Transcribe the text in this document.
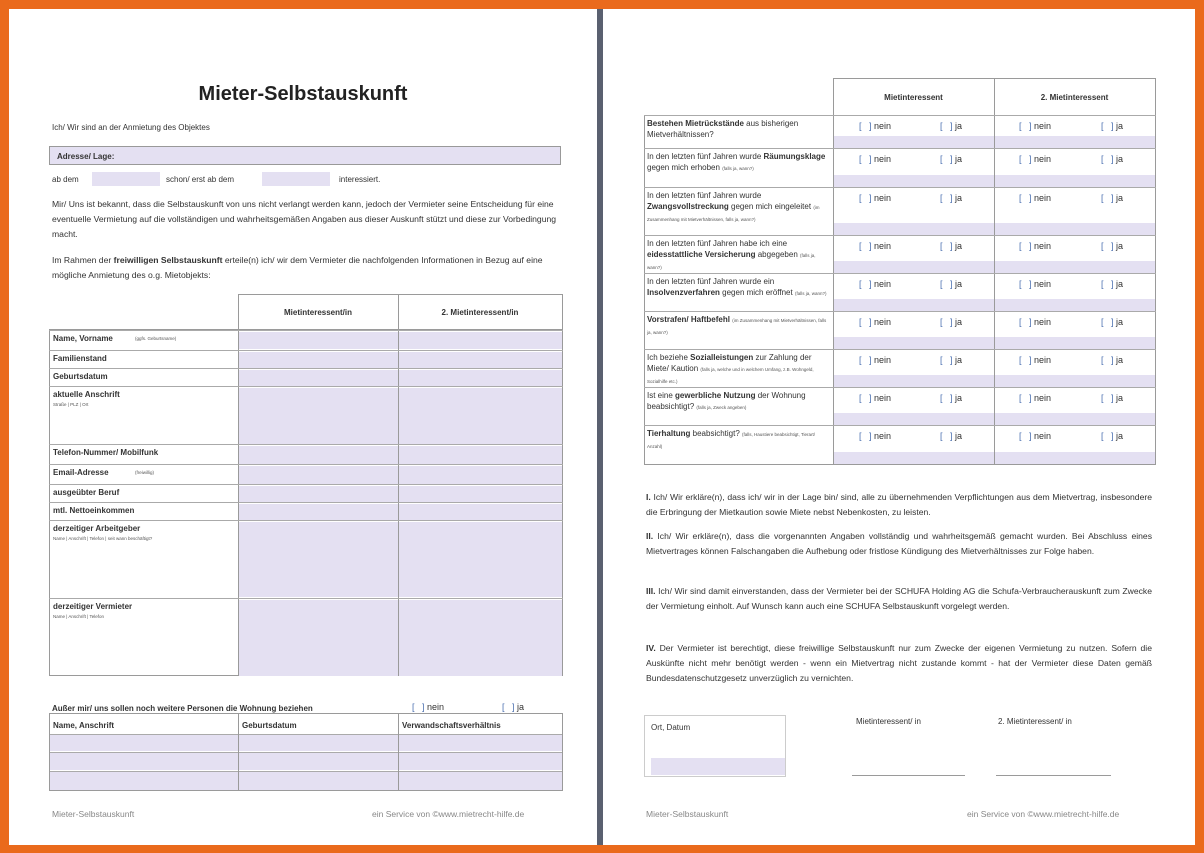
Mieter-Selbstauskunft
Ich/ Wir sind an der Anmietung des Objektes
Adresse/ Lage:
ab dem	schon/ erst ab dem	interessiert.
Mir/ Uns ist bekannt, dass die Selbstauskunft von uns nicht verlangt werden kann, jedoch der Vermieter seine Entscheidung für eine eventuelle Vermietung auf die vollständigen und wahrheitsgemäßen Angaben aus dieser Auskunft stützt und diese zur Vorbedingung macht.
Im Rahmen der freiwilligen Selbstauskunft erteile(n) ich/ wir dem Vermieter die nachfolgenden Informationen in Bezug auf eine mögliche Anmietung des o.g. Mietobjekts:
Mietinteressent/in	2. Mietinteressent/in
Name, Vorname	(ggfs. Geburtsname)
Familienstand
Geburtsdatum
aktuelle Anschrift
Straße | PLZ | Ort
Telefon-Nummer/ Mobilfunk
Email-Adresse	(freiwillig)
ausgeübter Beruf
mtl. Nettoeinkommen
derzeitiger Arbeitgeber
Name | Anschrift | Telefon | seit wann beschäftigt?
derzeitiger Vermieter
Name | Anschrift | Telefon
Außer mir/ uns sollen noch weitere Personen die Wohnung beziehen	[   ] nein	[   ] ja
Name, Anschrift	Geburtsdatum	Verwandschaftsverhältnis
Mieter-Selbstauskunft	ein Service von ©www.mietrecht-hilfe.de
Mietinteressent	2. Mietinteressent
Bestehen Mietrückstände aus bisherigen Mietverhältnissen?
[   ] nein	[   ] ja	[   ] nein	[   ] ja
In den letzten fünf Jahren wurde Räumungsklage gegen mich erhoben (falls ja, wann?)
[   ] nein	[   ] ja	[   ] nein	[   ] ja
In den letzten fünf Jahren wurde Zwangsvollstreckung gegen mich eingeleitet (im Zusammenhang mit Mietverhältnissen, falls ja, wann?)
[   ] nein	[   ] ja	[   ] nein	[   ] ja
In den letzten fünf Jahren habe ich eine eidesstattliche Versicherung abgegeben (falls ja, wann?)
[   ] nein	[   ] ja	[   ] nein	[   ] ja
In den letzten fünf Jahren wurde ein Insolvenzverfahren gegen mich eröffnet (falls ja, wann?)
[   ] nein	[   ] ja	[   ] nein	[   ] ja
Vorstrafen/ Haftbefehl (im Zusammenhang mit Mietverhältnissen, falls ja, wann?)
[   ] nein	[   ] ja	[   ] nein	[   ] ja
Ich beziehe Sozialleistungen zur Zahlung der Miete/ Kaution (falls ja, welche und in welchem Umfang, z.B. Wohngeld, Sozialhilfe etc.)
[   ] nein	[   ] ja	[   ] nein	[   ] ja
Ist eine gewerbliche Nutzung der Wohnung beabsichtigt? (falls ja, Zweck angeben)
[   ] nein	[   ] ja	[   ] nein	[   ] ja
Tierhaltung beabsichtigt? (falls, Haustiere beabsichtigt, Tierart/ Anzahl)
[   ] nein	[   ] ja	[   ] nein	[   ] ja
I. Ich/ Wir erkläre(n), dass ich/ wir in der Lage bin/ sind, alle zu übernehmenden Verpflichtungen aus dem Mietvertrag, insbesondere die Erbringung der Mietkaution sowie Miete nebst Nebenkosten, zu leisten.
II. Ich/ Wir erkläre(n), dass die vorgenannten Angaben vollständig und wahrheitsgemäß gemacht wurden. Bei Abschluss eines Mietvertrages können Falschangaben die Aufhebung oder fristlose Kündigung des Mietverhältnisses zur Folge haben.
III. Ich/ Wir sind damit einverstanden, dass der Vermieter bei der SCHUFA Holding AG die Schufa-Verbraucherauskunft zum Zwecke der Vermietung einholt. Auf Wunsch kann auch eine SCHUFA Selbstauskunft vorgelegt werden.
IV. Der Vermieter ist berechtigt, diese freiwillige Selbstauskunft nur zum Zwecke der eigenen Vermietung zu nutzen. Sofern die Auskünfte nicht mehr benötigt werden - wenn ein Mietvertrag nicht zustande kommt - hat der Vermieter diese Daten gemäß Bundesdatenschutzgesetz unverzüglich zu vernichten.
Ort, Datum
Mietinteressent/ in	2. Mietinteressent/ in
Mieter-Selbstauskunft	ein Service von ©www.mietrecht-hilfe.de
